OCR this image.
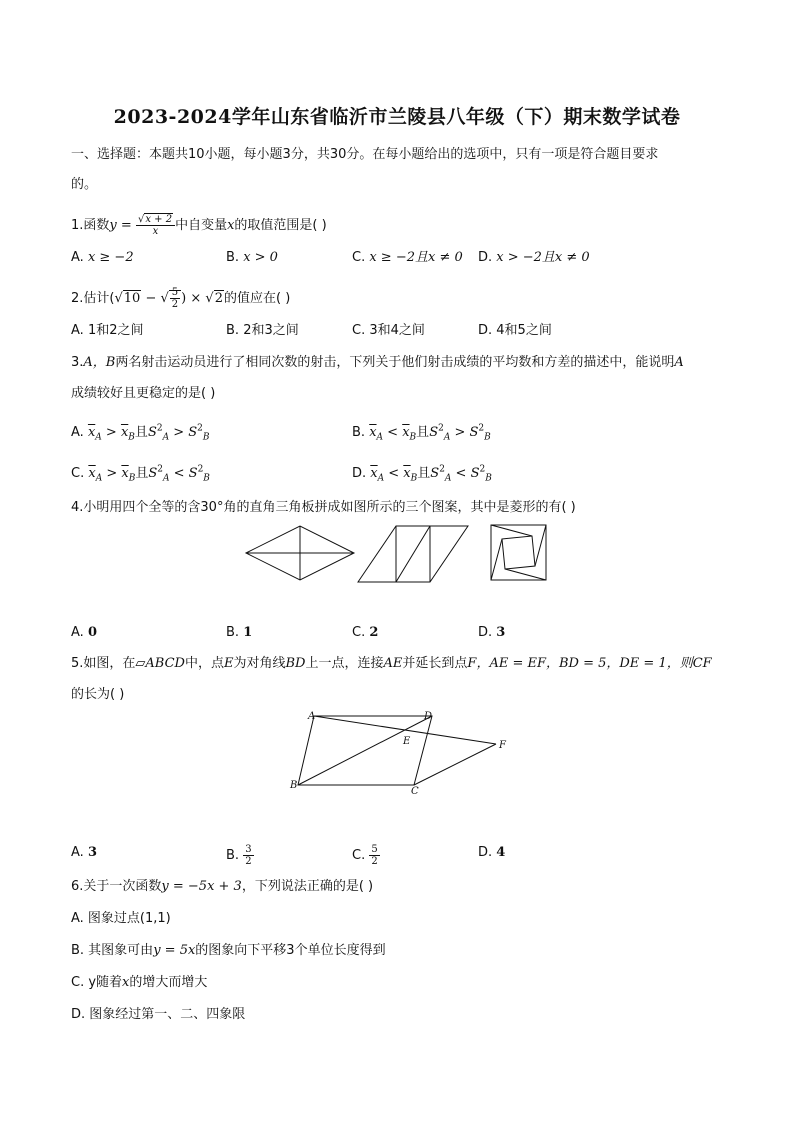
2023-2024学年山东省临沂市兰陵县八年级（下）期末数学试卷
一、选择题：本题共10小题，每小题3分，共30分。在每小题给出的选项中，只有一项是符合题目要求
的。
1.函数$y = \frac{√x + 2}{x}$ 中自变量x的取值范围是( )
A. x ≥ −2	B. x > 0	C. x ≥ −2且x ≠ 0 D. x > −2且x ≠ 0
2.估计(√10 − √ $\frac{5}{2}$ ) × √2的值应在( )
A. 1和2之间	B. 2和3之间	C. 3和4之间	D. 4和5之间
3.A，B两名射击运动员进行了相同次数的射击，下列关于他们射击成绩的平均数和方差的描述中，能说明A
成绩较好且更稳定的是( )
A. $\overline{x}_A > \overline{x}_B$且$S^2_A > S^2_B$	B. $\overline{x}_A < \overline{x}_B$且$S^2_A > S^2_B$
C. $\overline{x}_A > \overline{x}_B$且$S^2_A < S^2_B$	D. $\overline{x}_A < \overline{x}_B$且$S^2_A < S^2_B$
4.小明用四个全等的含30°角的直角三角板拼成如图所示的三个图案，其中是菱形的有( )
A. 0	B. 1	C. 2	D. 3
5.如图，在▱ABCD中，点E为对角线BD上一点，连接AE并延长到点F，AE = EF，BD = 5，DE = 1，则CF
的长为( )
A	D
E	F
B
C
A. 3	B. $\frac{3}{2}$	C. $\frac{5}{2}$	D. 4
6.关于一次函数y = −5x + 3，下列说法正确的是( )
A. 图象过点(1,1)
B. 其图象可由y = 5x的图象向下平移3个单位长度得到
C. y随着x的增大而增大
D. 图象经过第一、二、四象限
